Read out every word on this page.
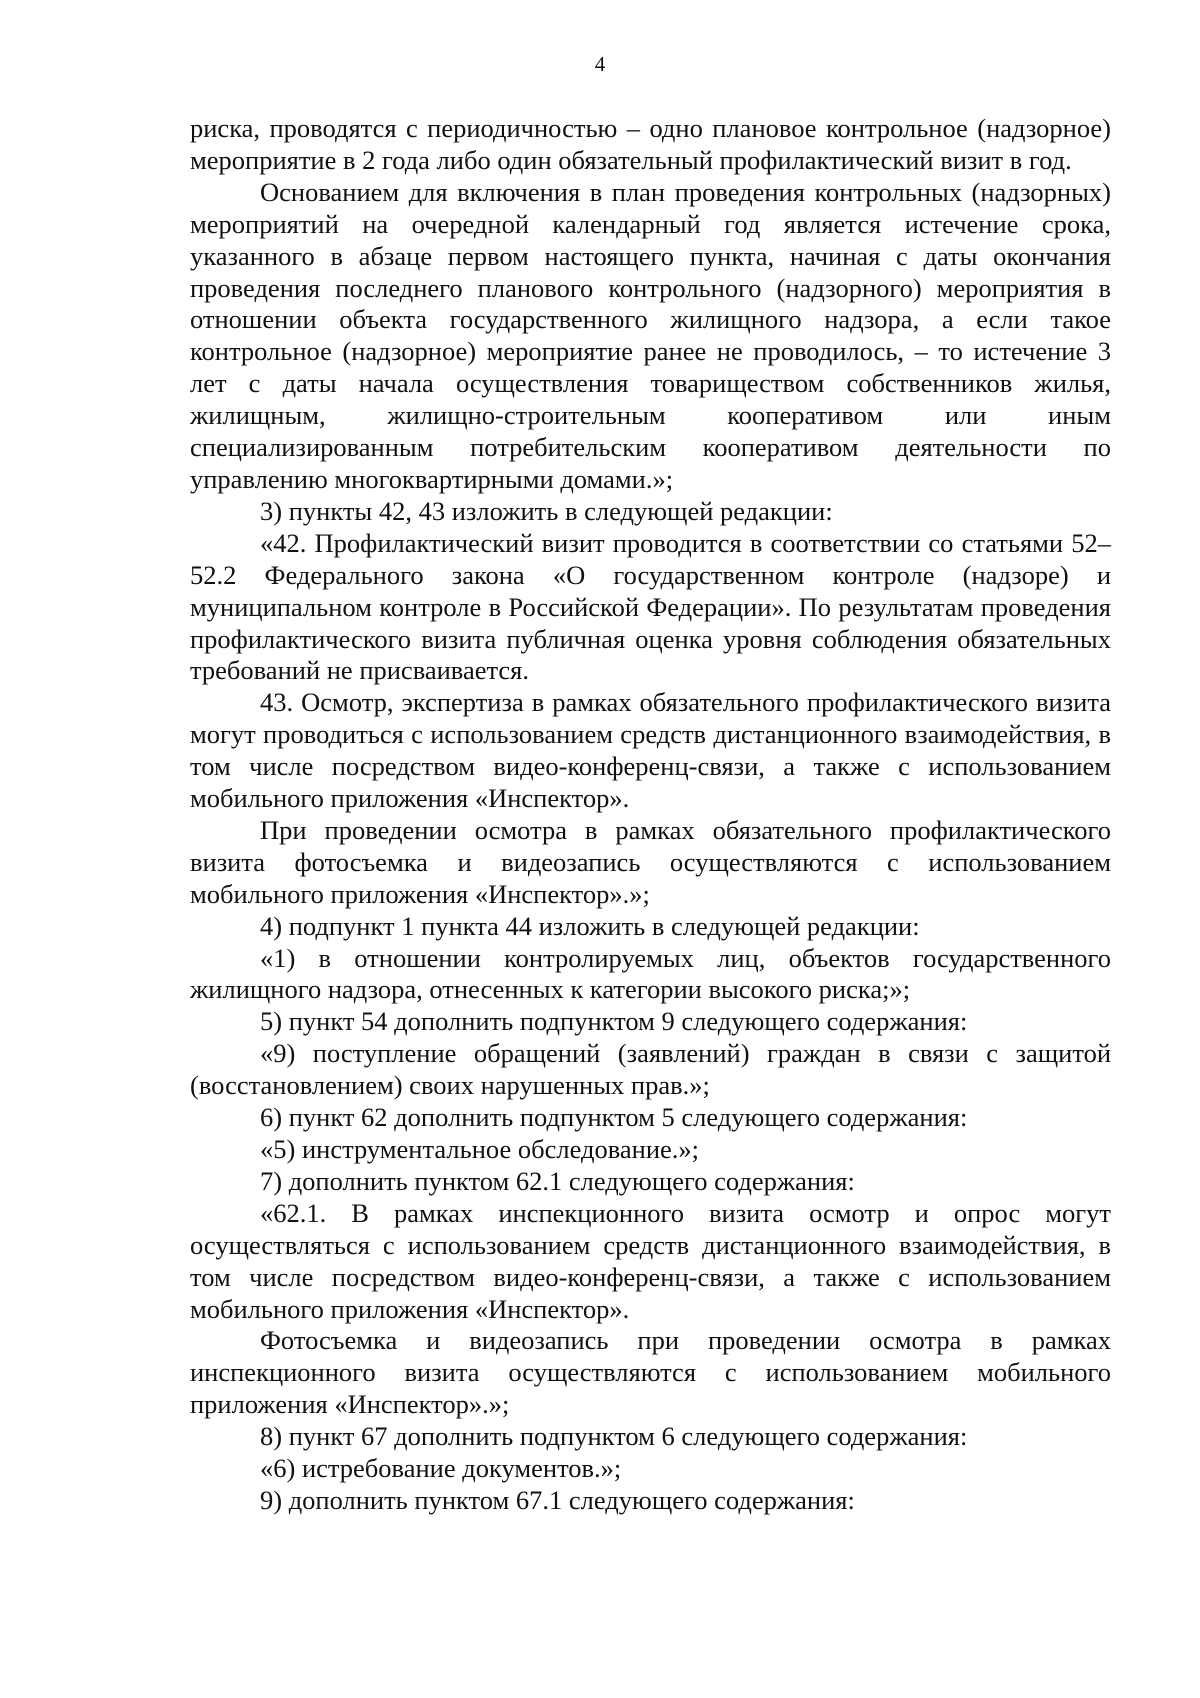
4

риска, проводятся с периодичностью – одно плановое контрольное (надзорное) мероприятие в 2 года либо один обязательный профилактический визит в год.

Основанием для включения в план проведения контрольных (надзорных) мероприятий на очередной календарный год является истечение срока, указанного в абзаце первом настоящего пункта, начиная с даты окончания проведения последнего планового контрольного (надзорного) мероприятия в отношении объекта государственного жилищного надзора, а если такое контрольное (надзорное) мероприятие ранее не проводилось, – то истечение 3 лет с даты начала осуществления товариществом собственников жилья, жилищным, жилищно-строительным кооперативом или иным специализированным потребительским кооперативом деятельности по управлению многоквартирными домами.»;

3) пункты 42, 43 изложить в следующей редакции:

«42. Профилактический визит проводится в соответствии со статьями 52–52.2 Федерального закона «О государственном контроле (надзоре) и муниципальном контроле в Российской Федерации». По результатам проведения профилактического визита публичная оценка уровня соблюдения обязательных требований не присваивается.

43. Осмотр, экспертиза в рамках обязательного профилактического визита могут проводиться с использованием средств дистанционного взаимодействия, в том числе посредством видео-конференц-связи, а также с использованием мобильного приложения «Инспектор».

При проведении осмотра в рамках обязательного профилактического визита фотосъемка и видеозапись осуществляются с использованием мобильного приложения «Инспектор».»;

4) подпункт 1 пункта 44 изложить в следующей редакции:

«1) в отношении контролируемых лиц, объектов государственного жилищного надзора, отнесенных к категории высокого риска;»;

5) пункт 54 дополнить подпунктом 9 следующего содержания:

«9) поступление обращений (заявлений) граждан в связи с защитой (восстановлением) своих нарушенных прав.»;

6) пункт 62 дополнить подпунктом 5 следующего содержания:

«5) инструментальное обследование.»;

7) дополнить пунктом 62.1 следующего содержания:

«62.1. В рамках инспекционного визита осмотр и опрос могут осуществляться с использованием средств дистанционного взаимодействия, в том числе посредством видео-конференц-связи, а также с использованием мобильного приложения «Инспектор».

Фотосъемка и видеозапись при проведении осмотра в рамках инспекционного визита осуществляются с использованием мобильного приложения «Инспектор».»;

8) пункт 67 дополнить подпунктом 6 следующего содержания:

«6) истребование документов.»;

9) дополнить пунктом 67.1 следующего содержания:
